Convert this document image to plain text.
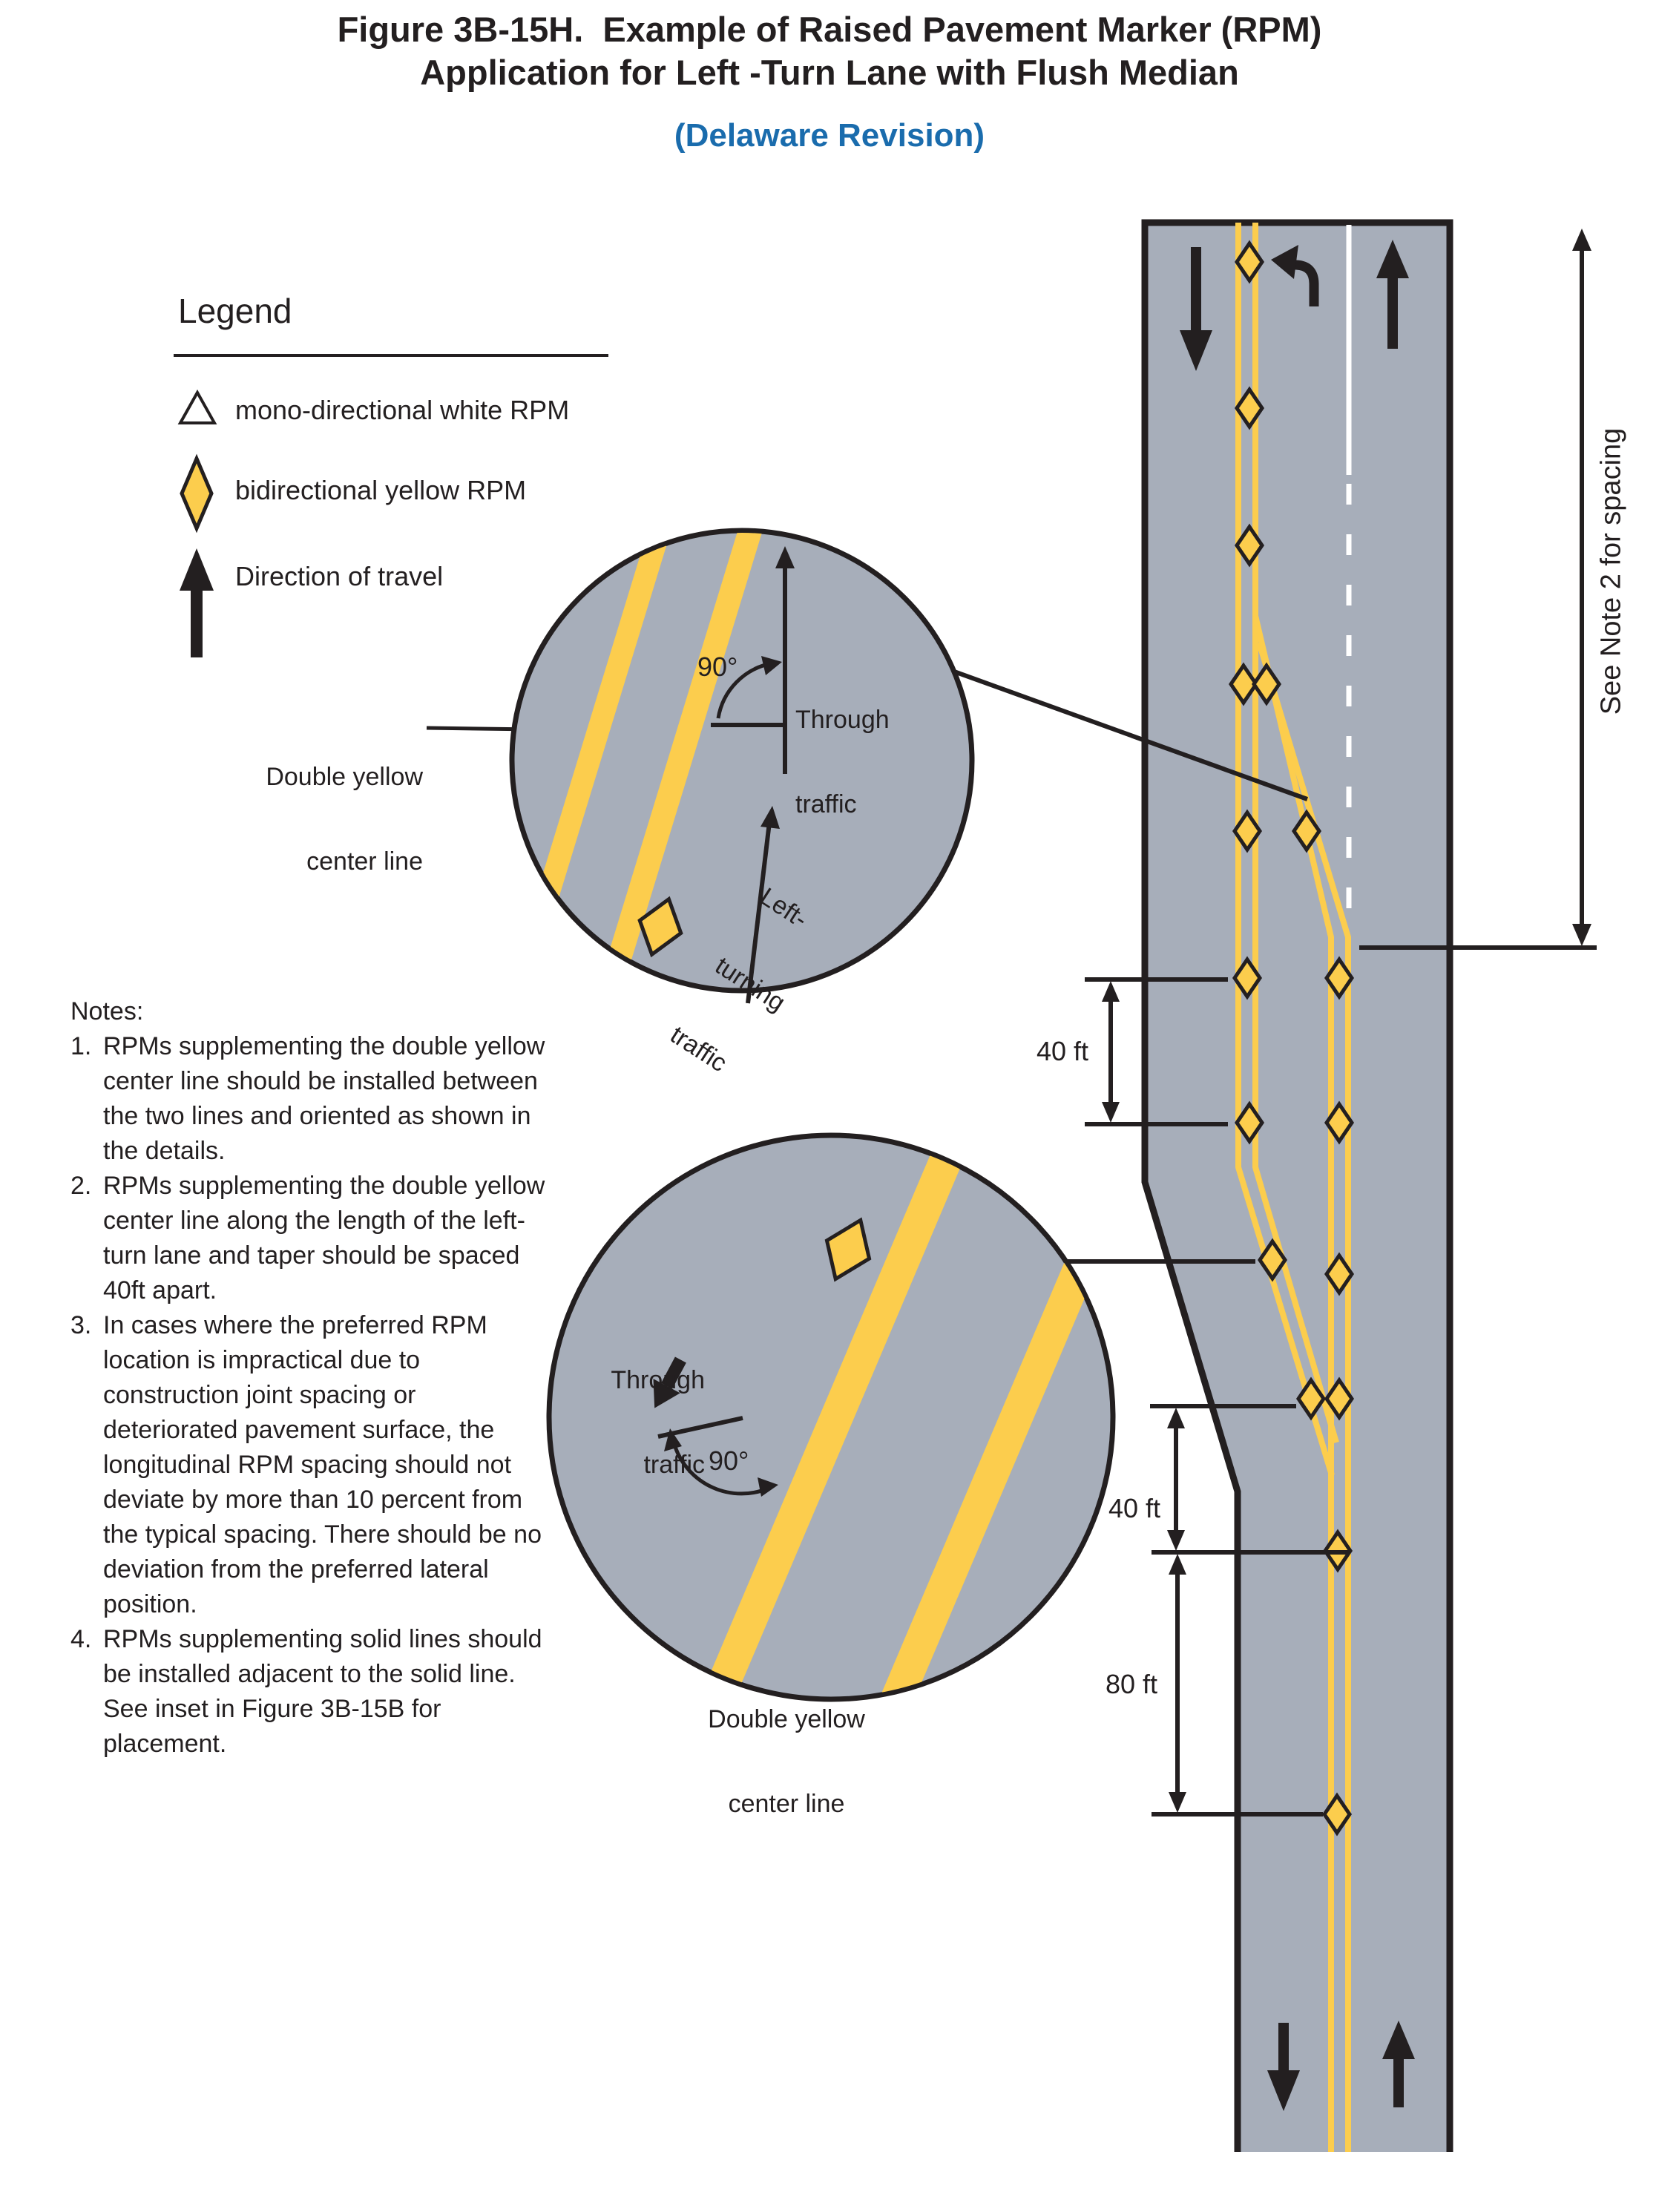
Figure 3B-15H.  Example of Raised Pavement Marker (RPM)
Application for Left -Turn Lane with Flush Median
(Delaware Revision)
Legend
mono-directional white RPM
bidirectional yellow RPM
Direction of travel
Notes:
1. RPMs supplementing the double yellow center line should be installed between the two lines and oriented as shown in the details.
2. RPMs supplementing the double yellow center line along the length of the left-turn lane and taper should be spaced 40ft apart.
3. In cases where the preferred RPM location is impractical due to construction joint spacing or deteriorated pavement surface, the longitudinal RPM spacing should not deviate by more than 10 percent from the typical spacing. There should be no deviation from the preferred lateral position.
4. RPMs supplementing solid lines should be installed adjacent to the solid line.  See inset in Figure 3B-15B for placement.

Double yellow

center line

90°

Through

traffic

Left-

turning

traffic

Through

traffic

90°

Double yellow

center line

40 ft
40 ft
80 ft
See Note 2 for spacing
